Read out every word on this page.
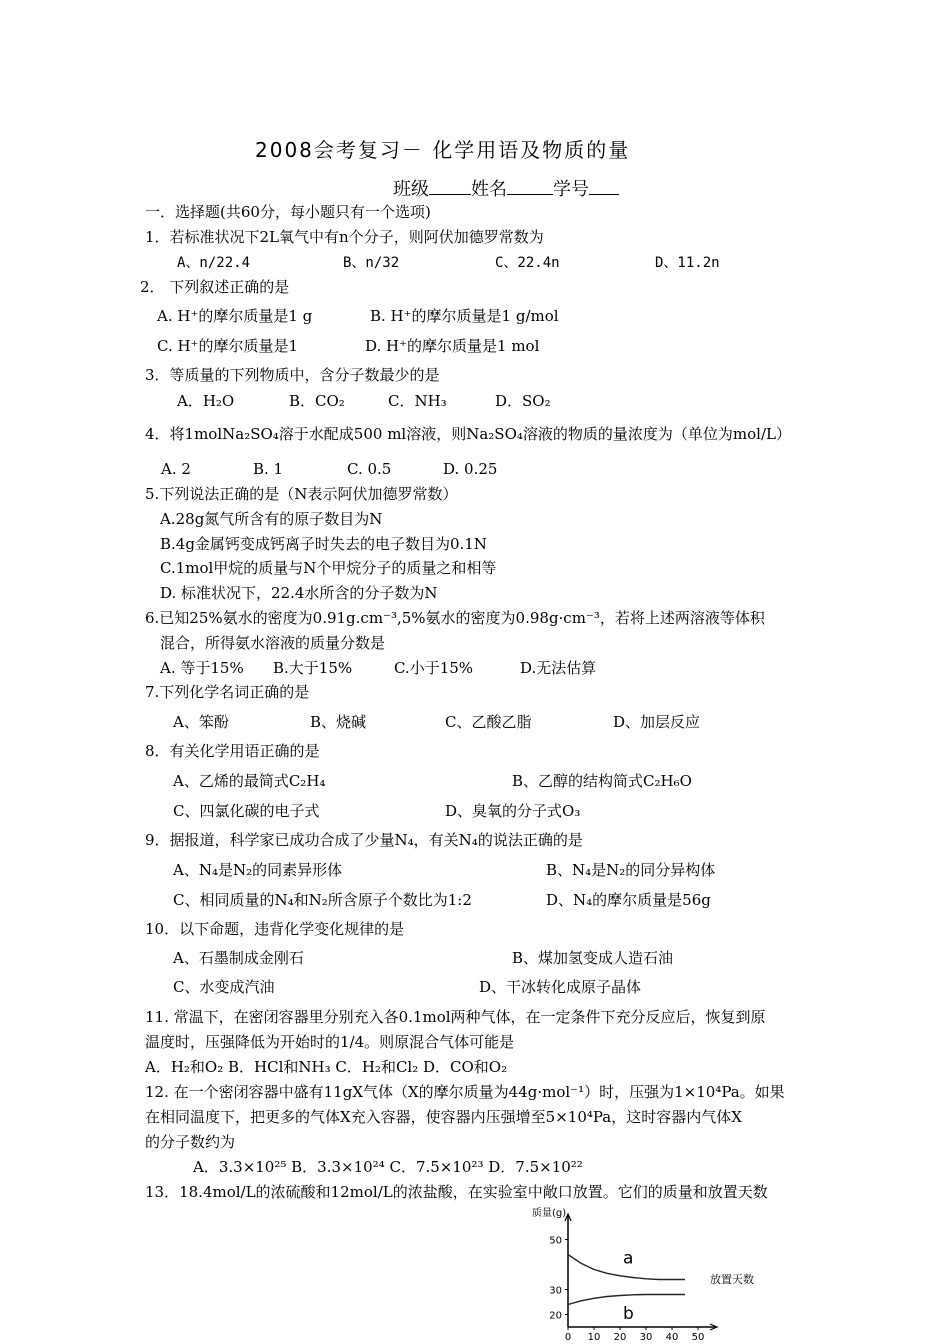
2008会考复习－ 化学用语及物质的量
班级 姓名	学号
一．选择题(共60分，每小题只有一个选项)
1．若标准状况下2L氧气中有n个分子，则阿伏加德罗常数为
A、n/22.4	B、n/32	C、22.4n	D、11.2n
2． 下列叙述正确的是
A. H⁺的摩尔质量是1 g	B. H⁺的摩尔质量是1 g/mol
C. H⁺的摩尔质量是1	D. H⁺的摩尔质量是1 mol
3．等质量的下列物质中，含分子数最少的是
A．H₂O	B．CO₂	C．NH₃	D．SO₂
4．将1molNa₂SO₄溶于水配成500 ml溶液，则Na₂SO₄溶液的物质的量浓度为（单位为mol/L）
A. 2	B. 1	C. 0.5	D. 0.25
5.下列说法正确的是（N表示阿伏加德罗常数）
A.28g氮气所含有的原子数目为N
B.4g金属钙变成钙离子时失去的电子数目为0.1N
C.1mol甲烷的质量与N个甲烷分子的质量之和相等
D. 标准状况下，22.4水所含的分子数为N
6.已知25%氨水的密度为0.91g.cm⁻³,5%氨水的密度为0.98g·cm⁻³，若将上述两溶液等体积
混合，所得氨水溶液的质量分数是
A. 等于15% B.大于15%	C.小于15%	D.无法估算
7.下列化学名词正确的是
A、笨酚	B、烧碱	C、乙酸乙脂	D、加层反应
8．有关化学用语正确的是
A、乙烯的最简式C₂H₄	B、乙醇的结构简式C₂H₆O
C、四氯化碳的电子式	D、臭氧的分子式O₃
9．据报道，科学家已成功合成了少量N₄，有关N₄的说法正确的是
A、N₄是N₂的同素异形体	B、N₄是N₂的同分异构体
C、相同质量的N₄和N₂所含原子个数比为1:2	D、N₄的摩尔质量是56g
10．以下命题，违背化学变化规律的是
A、石墨制成金刚石	B、煤加氢变成人造石油
C、水变成汽油	D、干冰转化成原子晶体
11. 常温下，在密闭容器里分别充入各0.1mol两种气体，在一定条件下充分反应后，恢复到原
温度时，压强降低为开始时的1/4。则原混合气体可能是
A．H₂和O₂ B．HCl和NH₃ C．H₂和Cl₂ D．CO和O₂
12. 在一个密闭容器中盛有11gX气体（X的摩尔质量为44g·mol⁻¹）时，压强为1×10⁴Pa。如果
在相同温度下，把更多的气体X充入容器，使容器内压强增至5×10⁴Pa，这时容器内气体X
的分子数约为
A．3.3×10²⁵ B．3.3×10²⁴ C．7.5×10²³ D．7.5×10²²
13．18.4mol/L的浓硫酸和12mol/L的浓盐酸，在实验室中敞口放置。它们的质量和放置天数
质量(g)
放置天数
20
30
50
0 10 20 30 40 50
a
b
